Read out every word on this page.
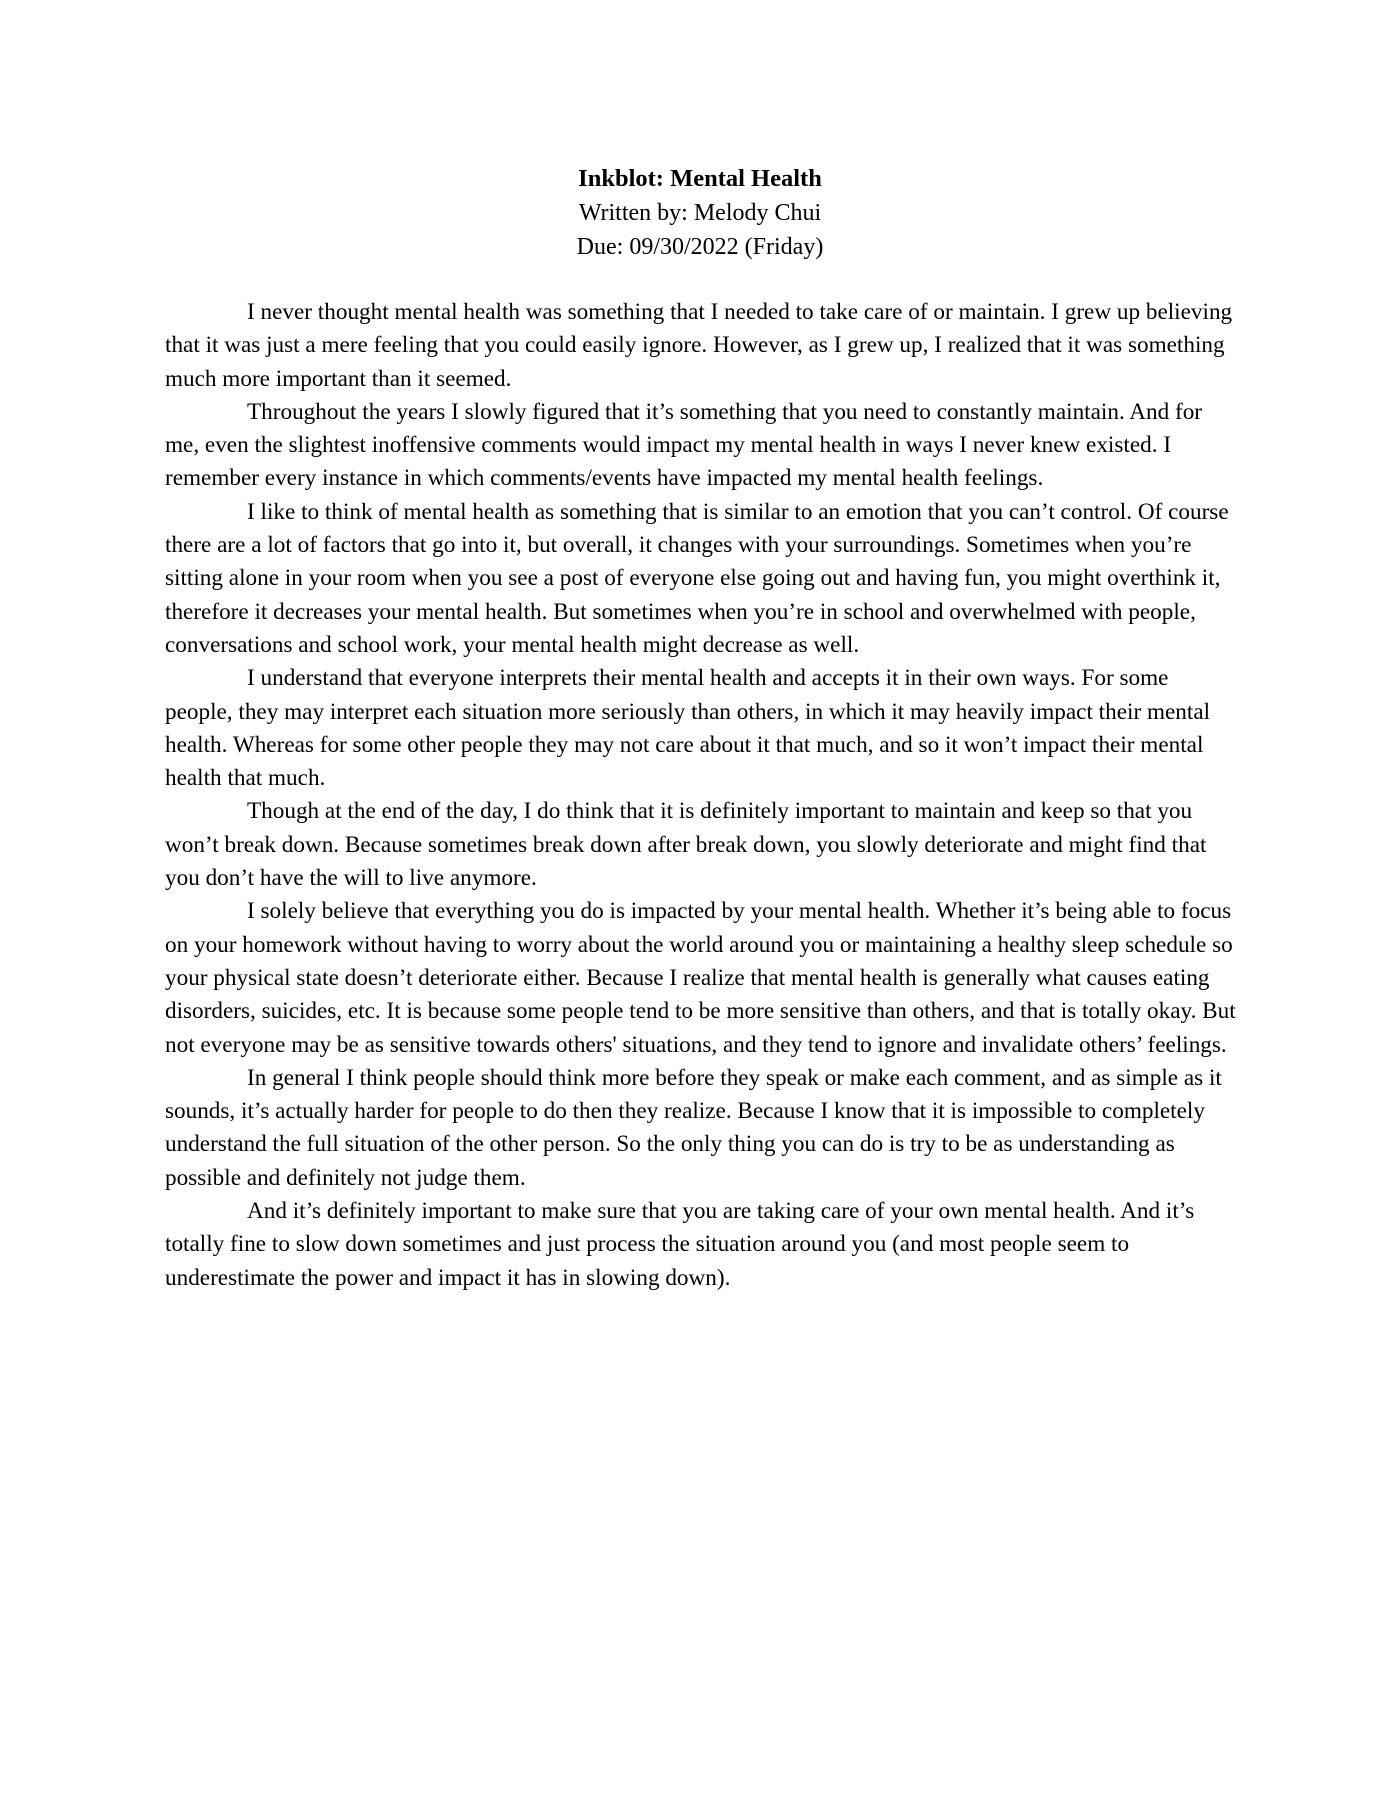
Inkblot: Mental Health

Written by: Melody Chui

Due: 09/30/2022 (Friday)

I never thought mental health was something that I needed to take care of or maintain. I grew up believing that it was just a mere feeling that you could easily ignore. However, as I grew up, I realized that it was something much more important than it seemed.

Throughout the years I slowly figured that it’s something that you need to constantly maintain. And for me, even the slightest inoffensive comments would impact my mental health in ways I never knew existed. I remember every instance in which comments/events have impacted my mental health feelings.

I like to think of mental health as something that is similar to an emotion that you can’t control. Of course there are a lot of factors that go into it, but overall, it changes with your surroundings. Sometimes when you’re sitting alone in your room when you see a post of everyone else going out and having fun, you might overthink it, therefore it decreases your mental health. But sometimes when you’re in school and overwhelmed with people, conversations and school work, your mental health might decrease as well.

I understand that everyone interprets their mental health and accepts it in their own ways. For some people, they may interpret each situation more seriously than others, in which it may heavily impact their mental health. Whereas for some other people they may not care about it that much, and so it won’t impact their mental health that much.

Though at the end of the day, I do think that it is definitely important to maintain and keep so that you won’t break down. Because sometimes break down after break down, you slowly deteriorate and might find that you don’t have the will to live anymore.

I solely believe that everything you do is impacted by your mental health. Whether it’s being able to focus on your homework without having to worry about the world around you or maintaining a healthy sleep schedule so your physical state doesn’t deteriorate either. Because I realize that mental health is generally what causes eating disorders, suicides, etc. It is because some people tend to be more sensitive than others, and that is totally okay. But not everyone may be as sensitive towards others' situations, and they tend to ignore and invalidate others’ feelings.

In general I think people should think more before they speak or make each comment, and as simple as it sounds, it’s actually harder for people to do then they realize. Because I know that it is impossible to completely understand the full situation of the other person. So the only thing you can do is try to be as understanding as possible and definitely not judge them.

And it’s definitely important to make sure that you are taking care of your own mental health. And it’s totally fine to slow down sometimes and just process the situation around you (and most people seem to underestimate the power and impact it has in slowing down).
